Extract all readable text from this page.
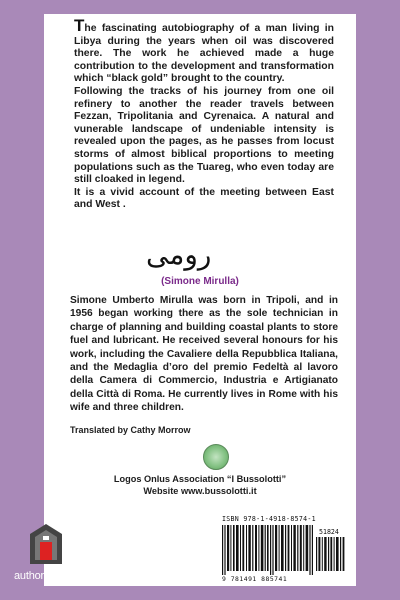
The fascinating autobiography of a man living in Libya during the years when oil was discovered there. The work he achieved made a huge contribution to the development and transformation which “black gold” brought to the country.

Following the tracks of his journey from one oil refinery to another the reader travels between Fezzan, Tripolitania and Cyrenaica. A natural and vunerable landscape of undeniable intensity is revealed upon the pages, as he passes from locust storms of almost biblical proportions to meeting populations such as the Tuareg, who even today are still cloaked in legend.

It is a vivid account of the meeting between East and West .

رومى
(Simone Mirulla)
Simone Umberto Mirulla was born in Tripoli, and in 1956 began working there as the sole technician in charge of planning and building coastal plants to store fuel and lubricant. He received several honours for his work, including the Cavaliere della Repubblica Italiana, and the Medaglia d’oro del premio Fedeltà al lavoro della Camera di Commercio, Industria e Artigianato della Città di Roma. He currently lives in Rome with his wife and three children.
Translated by Cathy Morrow
Logos Onlus Association “I Bussolotti”
Website www.bussolotti.it
ISBN 978-1-4918-8574-1
51824
9 781491 885741
authorHOUSE®
